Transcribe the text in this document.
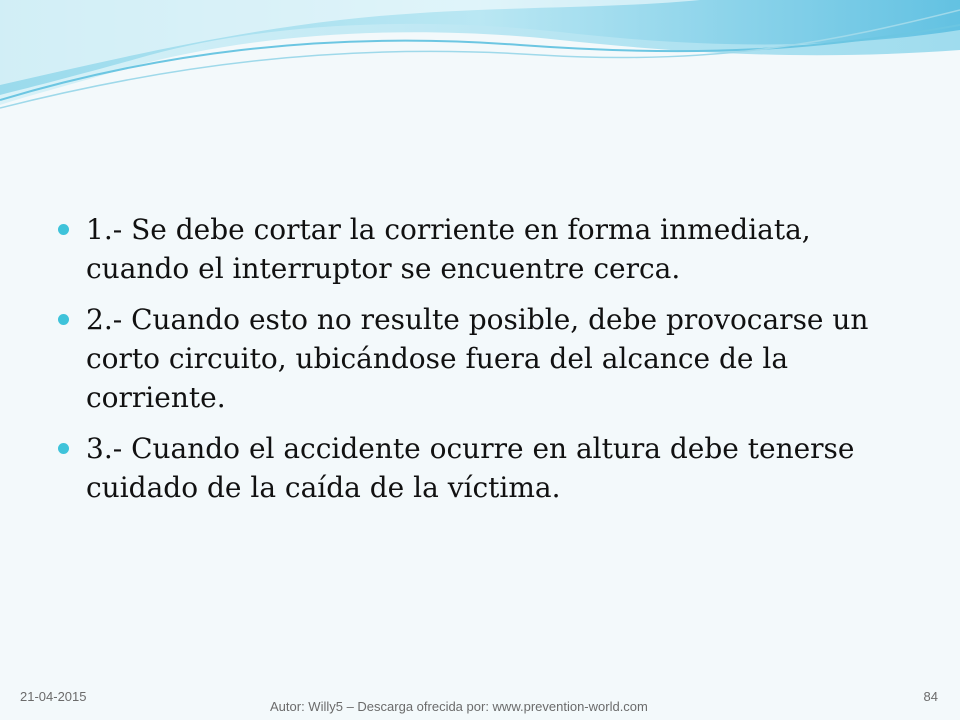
1.- Se debe cortar la corriente en forma inmediata, cuando el interruptor se encuentre cerca.
2.- Cuando esto no resulte posible, debe provocarse un corto circuito, ubicándose fuera del alcance de la corriente.
3.- Cuando el accidente ocurre en altura debe tenerse cuidado de la caída de la víctima.
21-04-2015
Autor: Willy5 – Descarga ofrecida por: www.prevention-world.com
84
